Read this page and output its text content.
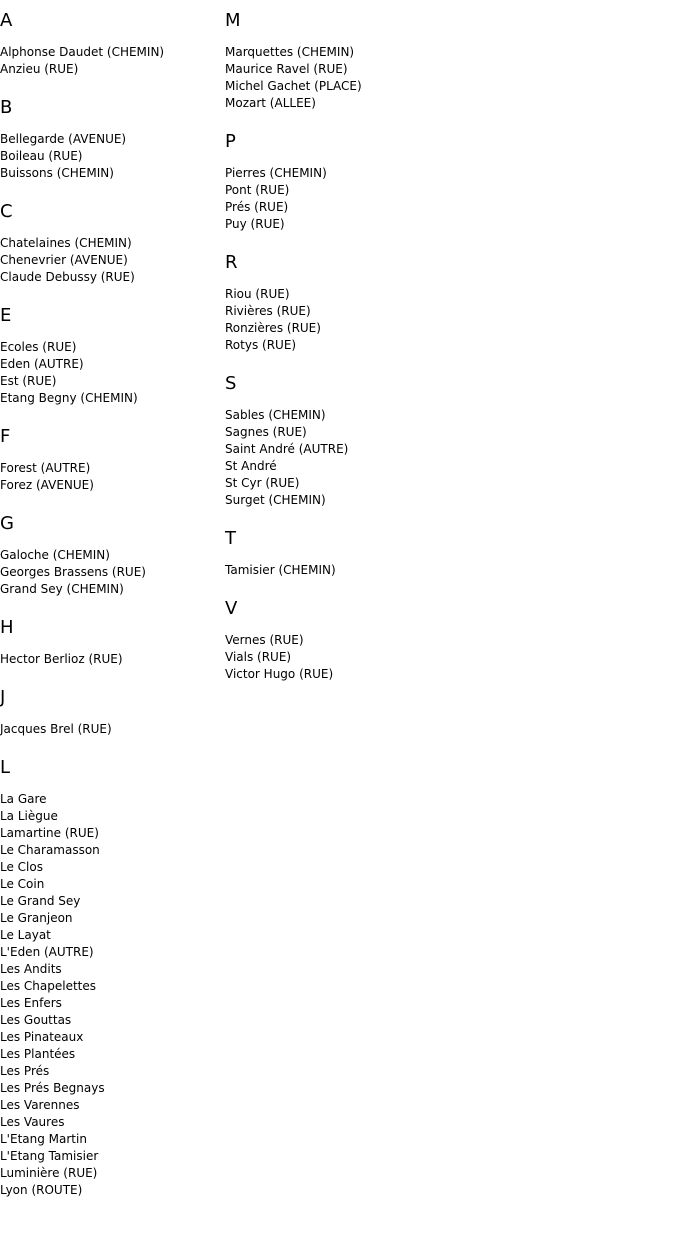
A
Alphonse Daudet (CHEMIN)
Anzieu (RUE)
B
Bellegarde (AVENUE)
Boileau (RUE)
Buissons (CHEMIN)
C
Chatelaines (CHEMIN)
Chenevrier (AVENUE)
Claude Debussy (RUE)
E
Ecoles (RUE)
Eden (AUTRE)
Est (RUE)
Etang Begny (CHEMIN)
F
Forest (AUTRE)
Forez (AVENUE)
G
Galoche (CHEMIN)
Georges Brassens (RUE)
Grand Sey (CHEMIN)
H
Hector Berlioz (RUE)
J
Jacques Brel (RUE)
L
La Gare
La Liègue
Lamartine (RUE)
Le Charamasson
Le Clos
Le Coin
Le Grand Sey
Le Granjeon
Le Layat
L'Eden (AUTRE)
Les Andits
Les Chapelettes
Les Enfers
Les Gouttas
Les Pinateaux
Les Plantées
Les Prés
Les Prés Begnays
Les Varennes
Les Vaures
L'Etang Martin
L'Etang Tamisier
Luminière (RUE)
Lyon (ROUTE)
M
Marquettes (CHEMIN)
Maurice Ravel (RUE)
Michel Gachet (PLACE)
Mozart (ALLEE)
P
Pierres (CHEMIN)
Pont (RUE)
Prés (RUE)
Puy (RUE)
R
Riou (RUE)
Rivières (RUE)
Ronzières (RUE)
Rotys (RUE)
S
Sables (CHEMIN)
Sagnes (RUE)
Saint André (AUTRE)
St André
St Cyr (RUE)
Surget (CHEMIN)
T
Tamisier (CHEMIN)
V
Vernes (RUE)
Vials (RUE)
Victor Hugo (RUE)
